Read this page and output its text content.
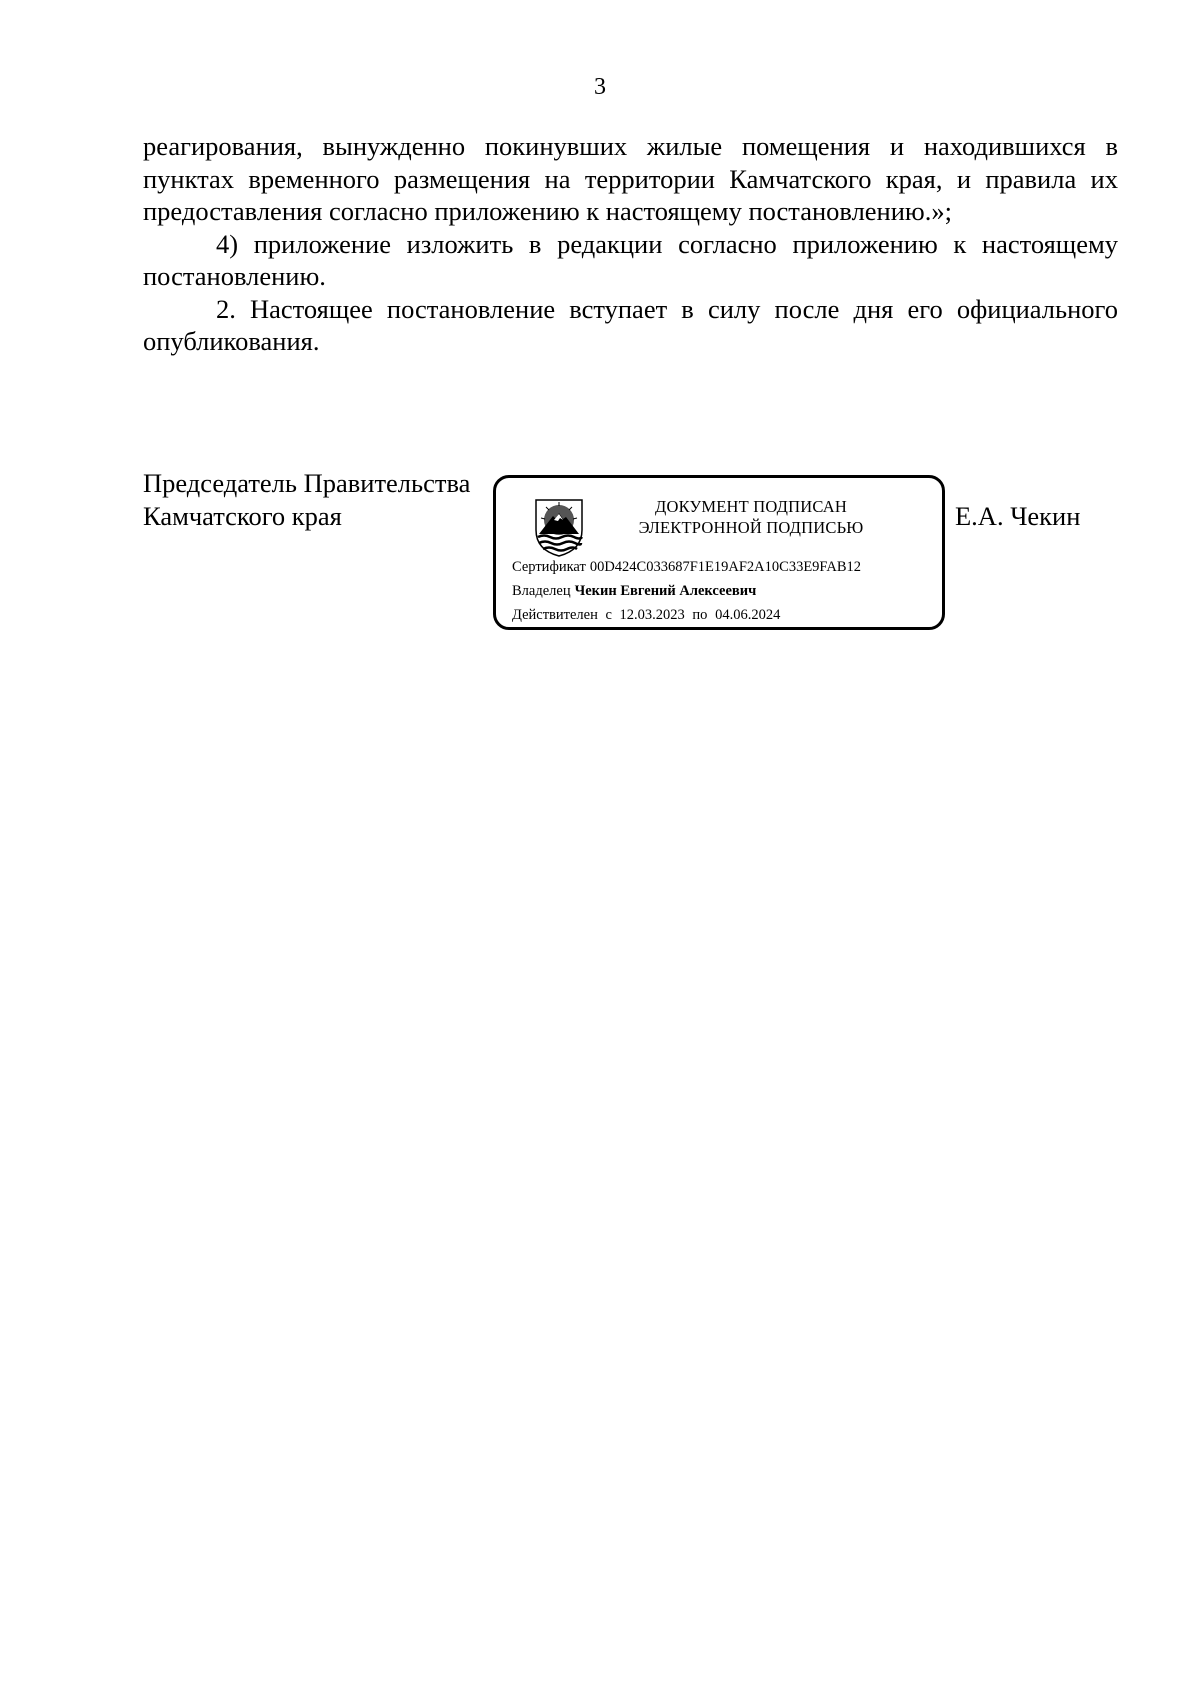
3

реагирования, вынужденно покинувших жилые помещения и находившихся в пунктах временного размещения на территории Камчатского края, и правила их предоставления согласно приложению к настоящему постановлению.»;

4) приложение изложить в редакции согласно приложению к настоящему постановлению.

2. Настоящее постановление вступает в силу после дня его официального опубликования.

Председатель Правительства
Камчатского края	Е.А. Чекин
ДОКУМЕНТ ПОДПИСАН
ЭЛЕКТРОННОЙ ПОДПИСЬЮ
Сертификат 00D424C033687F1E19AF2A10C33E9FAB12
Владелец Чекин Евгений Алексеевич
Действителен с 12.03.2023 по 04.06.2024
